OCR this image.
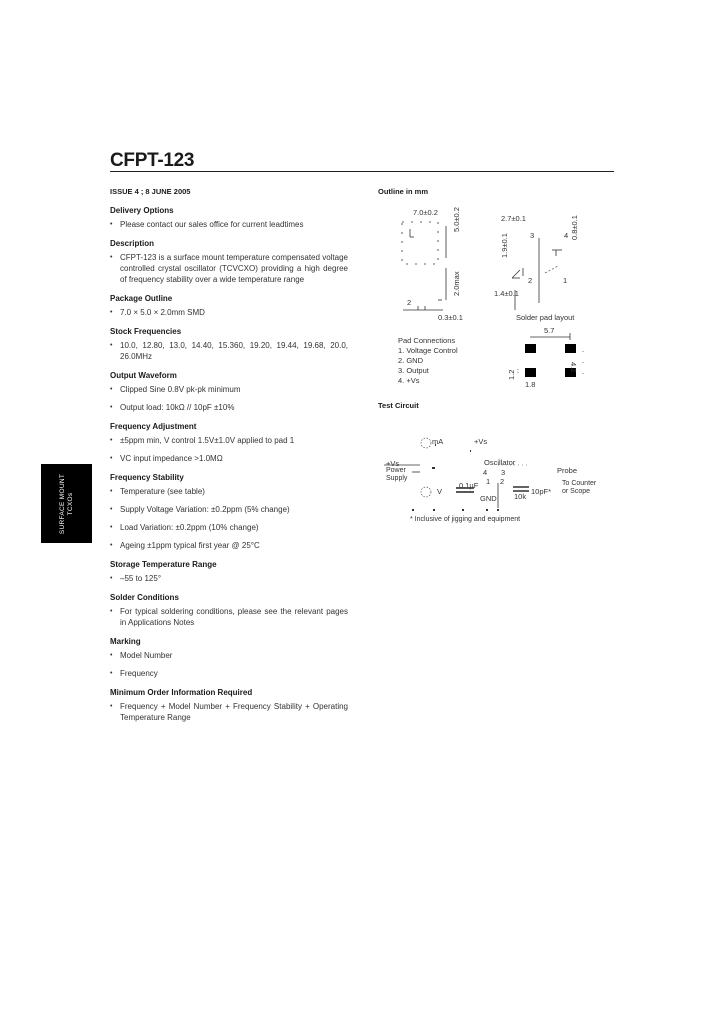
CFPT-123
ISSUE 4 ; 8 JUNE 2005
Delivery Options
• Please contact our sales office for current leadtimes
Description
• CFPT-123 is a surface mount temperature compensated voltage controlled crystal oscillator (TCVCXO) providing a high degree of frequency stability over a wide temperature range
Package Outline
• 7.0 × 5.0 × 2.0mm SMD
Stock Frequencies
• 10.0, 12.80, 13.0, 14.40, 15.360, 19.20, 19.44, 19.68, 20.0, 26.0MHz
Output Waveform
• Clipped Sine 0.8V pk-pk minimum
• Output load: 10kΩ // 10pF ±10%
Frequency Adjustment
• ±5ppm min, V control 1.5V±1.0V applied to pad 1
• VC input impedance >1.0MΩ
Frequency Stability
• Temperature (see table)
• Supply Voltage Variation: ±0.2ppm (5% change)
• Load Variation: ±0.2ppm (10% change)
• Ageing ±1ppm typical first year @ 25°C
Storage Temperature Range
• –55 to 125°
Solder Conditions
• For typical soldering conditions, please see the relevant pages in Applications Notes
Marking
• Model Number
• Frequency
Minimum Order Information Required
• Frequency + Model Number + Frequency Stability + Operating Temperature Range
SURFACE MOUNT TCXOs
Outline in mm
7.0±0.2 5.0±0.2
2.0max
2
0.3±0.1
2.7±0.1
1.9±0.1
0.8±0.1
3	4
2	1
1.4±0.1
Pad Connections
1. Voltage Control
2. GND
3. Output
4. +Vs
Solder pad layout
5.7
4.2
1.2
1.8
Test Circuit
mA	+Vs
+Vs
Power
Supply
Oscillator
4 3
1 2
Probe
V
0.1μF
GND 10k
10pF*
To Counter
or Scope
* Inclusive of jigging and equipment
